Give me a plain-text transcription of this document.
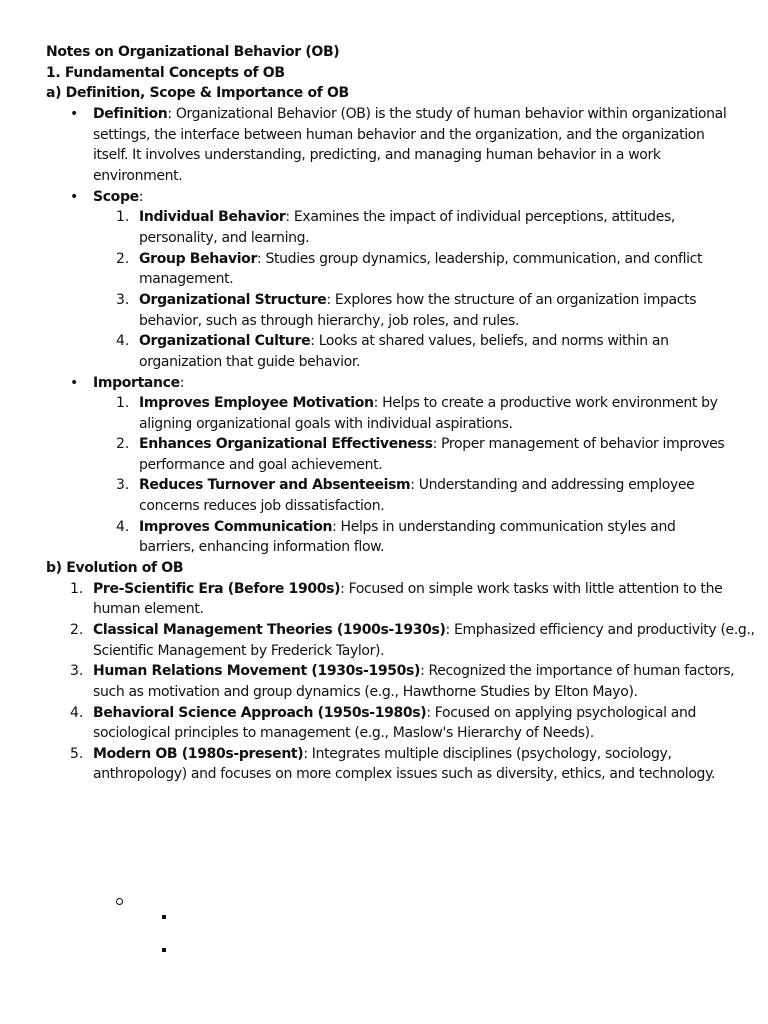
Notes on Organizational Behavior (OB)
1. Fundamental Concepts of OB
a) Definition, Scope & Importance of OB
• Definition: Organizational Behavior (OB) is the study of human behavior within organizational
settings, the interface between human behavior and the organization, and the organization
itself. It involves understanding, predicting, and managing human behavior in a work
environment.
• Scope:
1. Individual Behavior: Examines the impact of individual perceptions, attitudes,
personality, and learning.
2. Group Behavior: Studies group dynamics, leadership, communication, and conflict
management.
3. Organizational Structure: Explores how the structure of an organization impacts
behavior, such as through hierarchy, job roles, and rules.
4. Organizational Culture: Looks at shared values, beliefs, and norms within an
organization that guide behavior.
• Importance:
1. Improves Employee Motivation: Helps to create a productive work environment by
aligning organizational goals with individual aspirations.
2. Enhances Organizational Effectiveness: Proper management of behavior improves
performance and goal achievement.
3. Reduces Turnover and Absenteeism: Understanding and addressing employee
concerns reduces job dissatisfaction.
4. Improves Communication: Helps in understanding communication styles and
barriers, enhancing information flow.
b) Evolution of OB
1. Pre-Scientific Era (Before 1900s): Focused on simple work tasks with little attention to the
human element.
2. Classical Management Theories (1900s-1930s): Emphasized efficiency and productivity (e.g.,
Scientific Management by Frederick Taylor).
3. Human Relations Movement (1930s-1950s): Recognized the importance of human factors,
such as motivation and group dynamics (e.g., Hawthorne Studies by Elton Mayo).
4. Behavioral Science Approach (1950s-1980s): Focused on applying psychological and
sociological principles to management (e.g., Maslow's Hierarchy of Needs).
5. Modern OB (1980s-present): Integrates multiple disciplines (psychology, sociology,
anthropology) and focuses on more complex issues such as diversity, ethics, and technology.
